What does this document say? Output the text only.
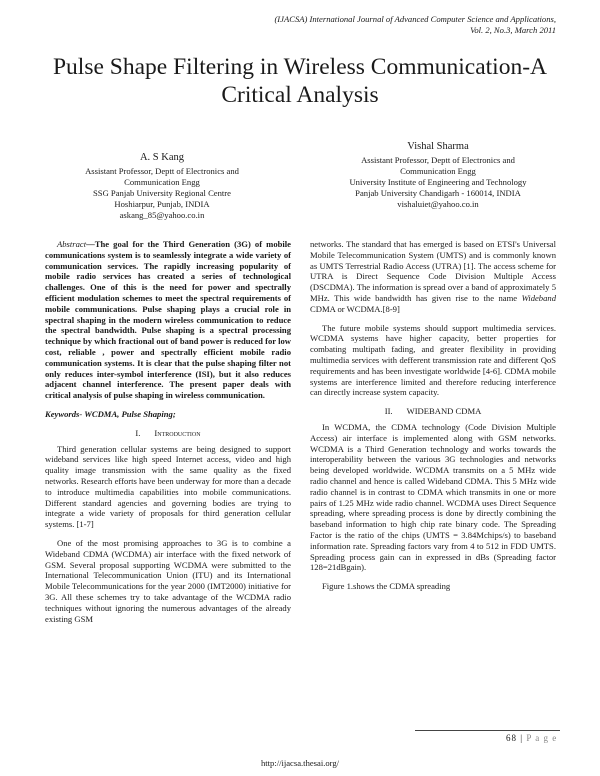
(IJACSA) International Journal of Advanced Computer Science and Applications,
Vol. 2, No.3, March 2011
Pulse Shape Filtering in Wireless Communication-A
Critical Analysis
A. S Kang
Assistant Professor, Deptt of Electronics and
Communication Engg
SSG Panjab University Regional Centre
Hoshiarpur, Punjab, INDIA
askang_85@yahoo.co.in
Vishal Sharma
Assistant Professor, Deptt of Electronics and
Communication Engg
University Institute of Engineering and Technology
Panjab University Chandigarh - 160014, INDIA
vishaluiet@yahoo.co.in

Abstract—The goal for the Third Generation (3G) of mobile communications system is to seamlessly integrate a wide variety of communication services. The rapidly increasing popularity of mobile radio services has created a series of technological challenges. One of this is the need for power and spectrally efficient modulation schemes to meet the spectral requirements of mobile communications. Pulse shaping plays a crucial role in spectral shaping in the modern wireless communication to reduce the spectral bandwidth. Pulse shaping is a spectral processing technique by which fractional out of band power is reduced for low cost, reliable , power and spectrally efficient mobile radio communication systems. It is clear that the pulse shaping filter not only reduces inter-symbol interference (ISI), but it also reduces adjacent channel interference. The present paper deals with critical analysis of pulse shaping in wireless communication.

Keywords- WCDMA, Pulse Shaping;

I. Introduction

Third generation cellular systems are being designed to support wideband services like high speed Internet access, video and high quality image transmission with the same quality as the fixed networks. Research efforts have been underway for more than a decade to introduce multimedia capabilities into mobile communications. Different standard agencies and governing bodies are trying to integrate a wide variety of proposals for third generation cellular systems. [1-7]

One of the most promising approaches to 3G is to combine a Wideband CDMA (WCDMA) air interface with the fixed network of GSM. Several proposal supporting WCDMA were submitted to the International Telecommunication Union (ITU) and its International Mobile Telecommunications for the year 2000 (IMT2000) initiative for 3G. All these schemes try to take advantage of the WCDMA radio techniques without ignoring the numerous advantages of the already existing GSM

networks. The standard that has emerged is based on ETSI's Universal Mobile Telecommunication System (UMTS) and is commonly known as UMTS Terrestrial Radio Access (UTRA) [1]. The access scheme for UTRA is Direct Sequence Code Division Multiple Access (DSCDMA). The information is spread over a band of approximately 5 MHz. This wide bandwidth has given rise to the name Wideband CDMA or WCDMA.[8-9]

The future mobile systems should support multimedia services. WCDMA systems have higher capacity, better properties for combating multipath fading, and greater flexibility in providing multimedia services with defferent transmission rate and different QoS requirements and has been investigate worldwide [4-6]. CDMA mobile systems are interference limited and therefore reducing interference can directly increase system capacity.

II. WIDEBAND CDMA

In WCDMA, the CDMA technology (Code Division Multiple Access) air interface is implemented along with GSM networks. WCDMA is a Third Generation technology and works towards the interoperability between the various 3G technologies and networks being developed worldwide. WCDMA transmits on a 5 MHz wide radio channel and hence is called Wideband CDMA. This 5 MHz wide radio channel is in contrast to CDMA which transmits in one or more pairs of 1.25 MHz wide radio channel. WCDMA uses Direct Sequence spreading, where spreading process is done by directly combining the baseband information to high chip rate binary code. The Spreading Factor is the ratio of the chips (UMTS = 3.84Mchips/s) to baseband information rate. Spreading factors vary from 4 to 512 in FDD UMTS. Spreading process gain can in expressed in dBs (Spreading factor 128=21dBgain).

Figure 1.shows the CDMA spreading

68 | P a g e
http://ijacsa.thesai.org/
